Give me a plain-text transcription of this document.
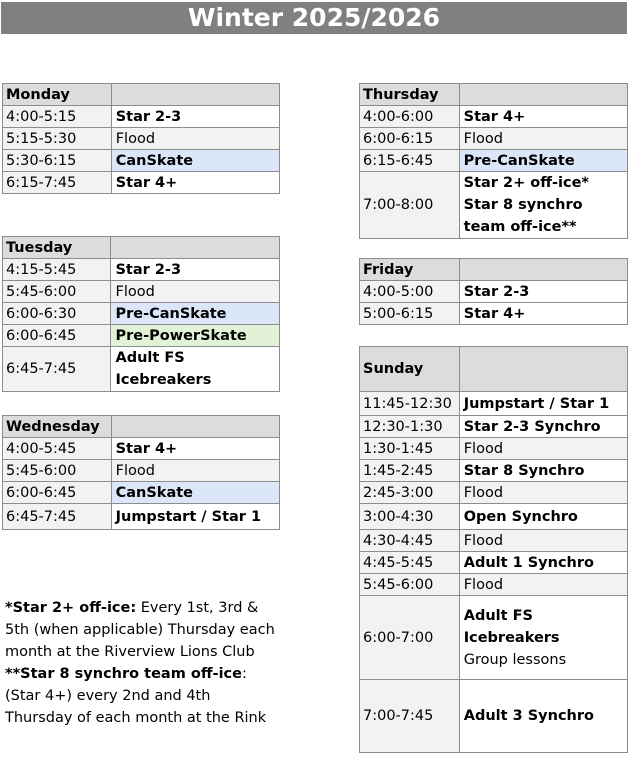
Winter 2025/2026
Monday	
4:00-5:15	Star 2-3
5:15-5:30	Flood
5:30-6:15	CanSkate
6:15-7:45	Star 4+
Tuesday	
4:15-5:45	Star 2-3
5:45-6:00	Flood
6:00-6:30	Pre-CanSkate
6:00-6:45	Pre-PowerSkate
6:45-7:45	Adult FS
Icebreakers
Wednesday	
4:00-5:45	Star 4+
5:45-6:00	Flood
6:00-6:45	CanSkate
6:45-7:45	Jumpstart / Star 1
Thursday	
4:00-6:00	Star 4+
6:00-6:15	Flood
6:15-6:45	Pre-CanSkate
7:00-8:00	Star 2+ off-ice*
Star 8 synchro
team off-ice**
Friday	
4:00-5:00	Star 2-3
5:00-6:15	Star 4+
Sunday	
11:45-12:30	Jumpstart / Star 1
12:30-1:30	Star 2-3 Synchro
1:30-1:45	Flood
1:45-2:45	Star 8 Synchro
2:45-3:00	Flood
3:00-4:30	Open Synchro
4:30-4:45	Flood
4:45-5:45	Adult 1 Synchro
5:45-6:00	Flood
6:00-7:00	Adult FS
Icebreakers
Group lessons

7:00-7:45	Adult 3 Synchro

*Star 2+ off-ice: Every 1st, 3rd & 5th (when applicable) Thursday each month at the Riverview Lions Club

**Star 8 synchro team off-ice: (Star 4+) every 2nd and 4th Thursday of each month at the Rink
